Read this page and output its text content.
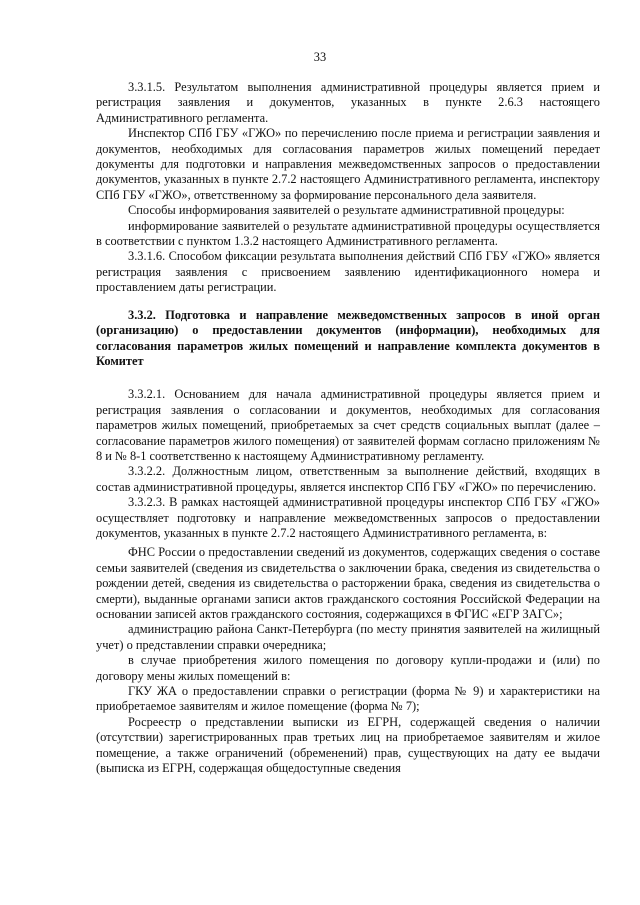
33

3.3.1.5. Результатом выполнения административной процедуры является прием и регистрация заявления и документов, указанных в пункте 2.6.3 настоящего Административного регламента.

Инспектор СПб ГБУ «ГЖО» по перечислению после приема и регистрации заявления и документов, необходимых для согласования параметров жилых помещений передает документы для подготовки и направления межведомственных запросов о предоставлении документов, указанных в пункте 2.7.2 настоящего Административного регламента, инспектору СПб ГБУ «ГЖО», ответственному за формирование персонального дела заявителя.

Способы информирования заявителей о результате административной процедуры:

информирование заявителей о результате административной процедуры осуществляется в соответствии с пунктом 1.3.2 настоящего Административного регламента.

3.3.1.6. Способом фиксации результата выполнения действий СПб ГБУ «ГЖО» является регистрация заявления с присвоением заявлению идентификационного номера и проставлением даты регистрации.

3.3.2. Подготовка и направление межведомственных запросов в иной орган (организацию) о предоставлении документов (информации), необходимых для согласования параметров жилых помещений и направление комплекта документов в Комитет

3.3.2.1. Основанием для начала административной процедуры является прием и регистрация заявления о согласовании и документов, необходимых для согласования параметров жилых помещений, приобретаемых за счет средств социальных выплат (далее – согласование параметров жилого помещения) от заявителей формам согласно приложениям № 8 и № 8-1 соответственно к настоящему Административному регламенту.

3.3.2.2. Должностным лицом, ответственным за выполнение действий, входящих в состав административной процедуры, является инспектор СПб ГБУ «ГЖО» по перечислению.

3.3.2.3. В рамках настоящей административной процедуры инспектор СПб ГБУ «ГЖО» осуществляет подготовку и направление межведомственных запросов о предоставлении документов, указанных в пункте 2.7.2 настоящего Административного регламента, в:

ФНС России о предоставлении сведений из документов, содержащих сведения о составе семьи заявителей (сведения из свидетельства о заключении брака, сведения из свидетельства о рождении детей, сведения из свидетельства о расторжении брака, сведения из свидетельства о смерти), выданные органами записи актов гражданского состояния Российской Федерации на основании записей актов гражданского состояния, содержащихся в ФГИС «ЕГР ЗАГС»;

администрацию района Санкт-Петербурга (по месту принятия заявителей на жилищный учет) о представлении справки очередника;

в случае приобретения жилого помещения по договору купли-продажи и (или) по договору мены жилых помещений в:

ГКУ ЖА о предоставлении справки о регистрации (форма № 9) и характеристики на приобретаемое заявителям и жилое помещение (форма № 7);

Росреестр о представлении выписки из ЕГРН, содержащей сведения о наличии (отсутствии) зарегистрированных прав третьих лиц на приобретаемое заявителям и жилое помещение, а также ограничений (обременений) прав, существующих на дату ее выдачи (выписка из ЕГРН, содержащая общедоступные сведения
